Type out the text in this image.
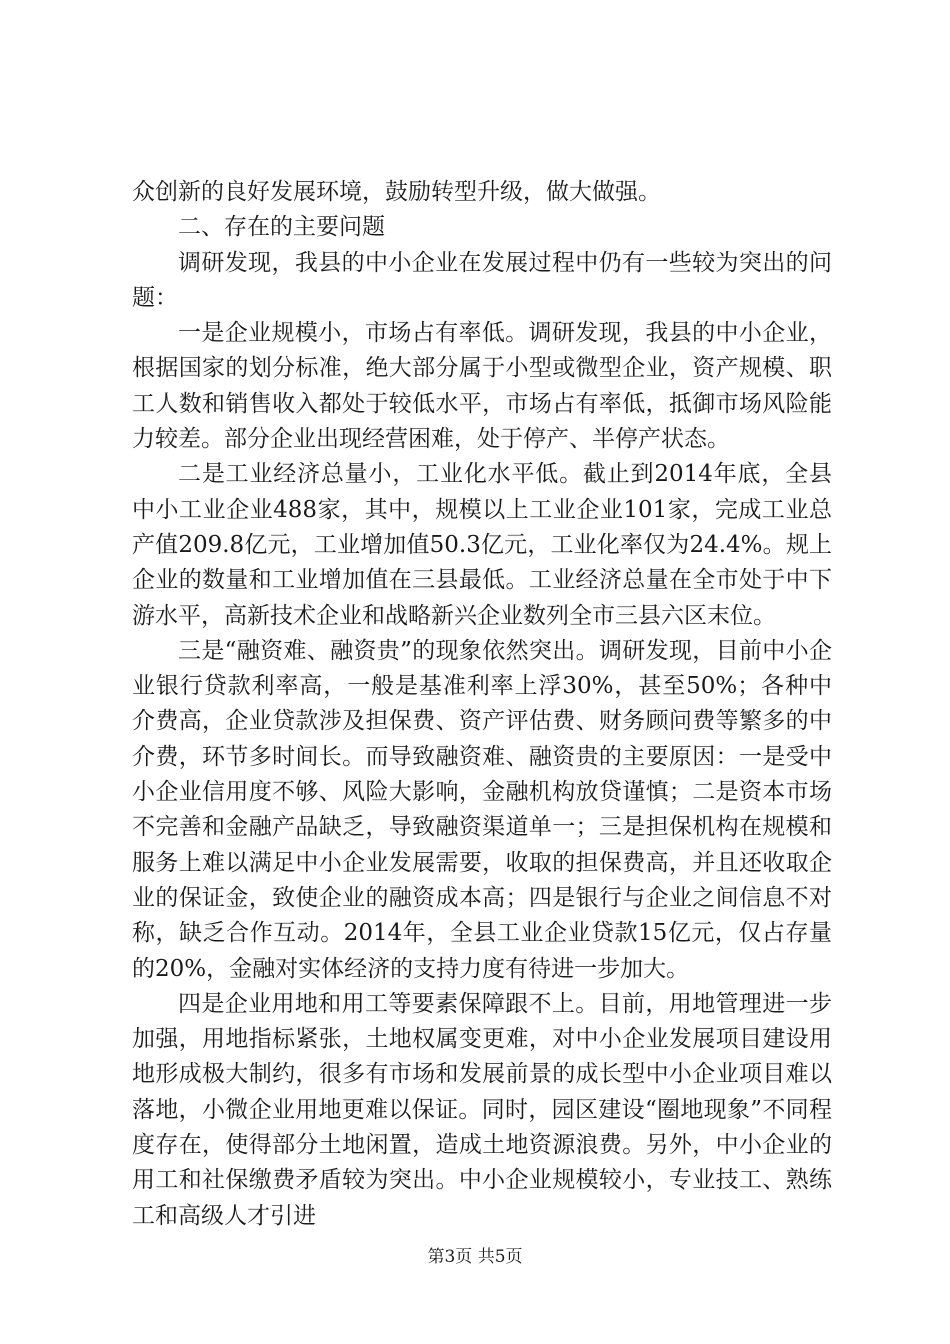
众创新的良好发展环境，鼓励转型升级，做大做强。

二、存在的主要问题

调研发现，我县的中小企业在发展过程中仍有一些较为突出的问题：

一是企业规模小，市场占有率低。调研发现，我县的中小企业，根据国家的划分标准，绝大部分属于小型或微型企业，资产规模、职工人数和销售收入都处于较低水平，市场占有率低，抵御市场风险能力较差。部分企业出现经营困难，处于停产、半停产状态。

二是工业经济总量小，工业化水平低。截止到2014年底，全县中小工业企业488家，其中，规模以上工业企业101家，完成工业总产值209.8亿元，工业增加值50.3亿元，工业化率仅为24.4%。规上企业的数量和工业增加值在三县最低。工业经济总量在全市处于中下游水平，高新技术企业和战略新兴企业数列全市三县六区末位。

三是“融资难、融资贵”的现象依然突出。调研发现，目前中小企业银行贷款利率高，一般是基准利率上浮30%，甚至50%；各种中介费高，企业贷款涉及担保费、资产评估费、财务顾问费等繁多的中介费，环节多时间长。而导致融资难、融资贵的主要原因：一是受中小企业信用度不够、风险大影响，金融机构放贷谨慎；二是资本市场不完善和金融产品缺乏，导致融资渠道单一；三是担保机构在规模和服务上难以满足中小企业发展需要，收取的担保费高，并且还收取企业的保证金，致使企业的融资成本高；四是银行与企业之间信息不对称，缺乏合作互动。2014年，全县工业企业贷款15亿元，仅占存量的20%，金融对实体经济的支持力度有待进一步加大。

四是企业用地和用工等要素保障跟不上。目前，用地管理进一步加强，用地指标紧张，土地权属变更难，对中小企业发展项目建设用地形成极大制约，很多有市场和发展前景的成长型中小企业项目难以落地，小微企业用地更难以保证。同时，园区建设“圈地现象”不同程度存在，使得部分土地闲置，造成土地资源浪费。另外，中小企业的用工和社保缴费矛盾较为突出。中小企业规模较小，专业技工、熟练工和高级人才引进

第3页 共5页
